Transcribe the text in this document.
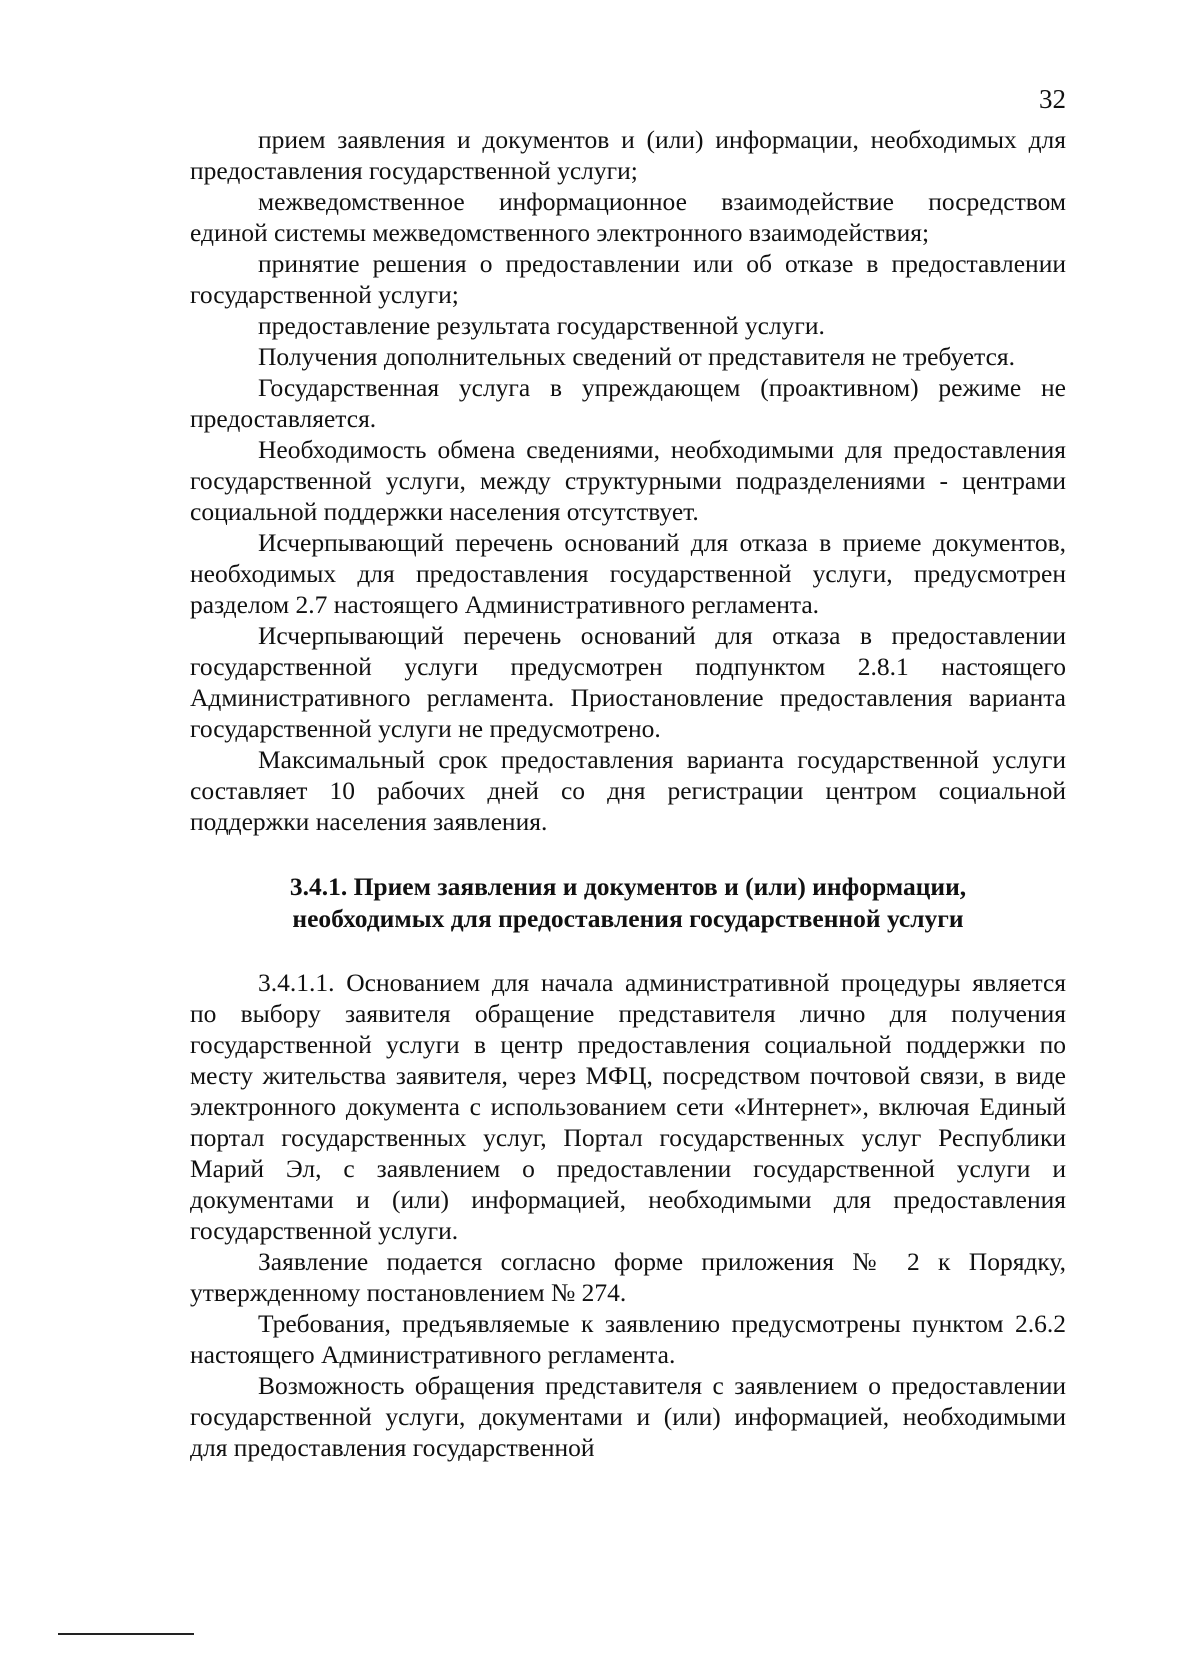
32

прием заявления и документов и (или) информации, необходимых для предоставления государственной услуги;

межведомственное информационное взаимодействие посредством единой системы межведомственного электронного взаимодействия;

принятие решения о предоставлении или об отказе в предоставлении государственной услуги;

предоставление результата государственной услуги.

Получения дополнительных сведений от представителя не требуется.

Государственная услуга в упреждающем (проактивном) режиме не предоставляется.

Необходимость обмена сведениями, необходимыми для предоставления государственной услуги, между структурными подразделениями - центрами социальной поддержки населения отсутствует.

Исчерпывающий перечень оснований для отказа в приеме документов, необходимых для предоставления государственной услуги, предусмотрен разделом 2.7 настоящего Административного регламента.

Исчерпывающий перечень оснований для отказа в предоставлении государственной услуги предусмотрен подпунктом 2.8.1 настоящего Административного регламента. Приостановление предоставления варианта государственной услуги не предусмотрено.

Максимальный срок предоставления варианта государственной услуги составляет 10 рабочих дней со дня регистрации центром социальной поддержки населения заявления.

3.4.1. Прием заявления и документов и (или) информации,
необходимых для предоставления государственной услуги

3.4.1.1. Основанием для начала административной процедуры является по выбору заявителя обращение представителя лично для получения государственной услуги в центр предоставления социальной поддержки по месту жительства заявителя, через МФЦ, посредством почтовой связи, в виде электронного документа с использованием сети «Интернет», включая Единый портал государственных услуг, Портал государственных услуг Республики Марий Эл, с заявлением о предоставлении государственной услуги и документами и (или) информацией, необходимыми для предоставления государственной услуги.

Заявление подается согласно форме приложения № 2 к Порядку, утвержденному постановлением № 274.

Требования, предъявляемые к заявлению предусмотрены пунктом 2.6.2 настоящего Административного регламента.

Возможность обращения представителя с заявлением о предоставлении государственной услуги, документами и (или) информацией, необходимыми для предоставления государственной
